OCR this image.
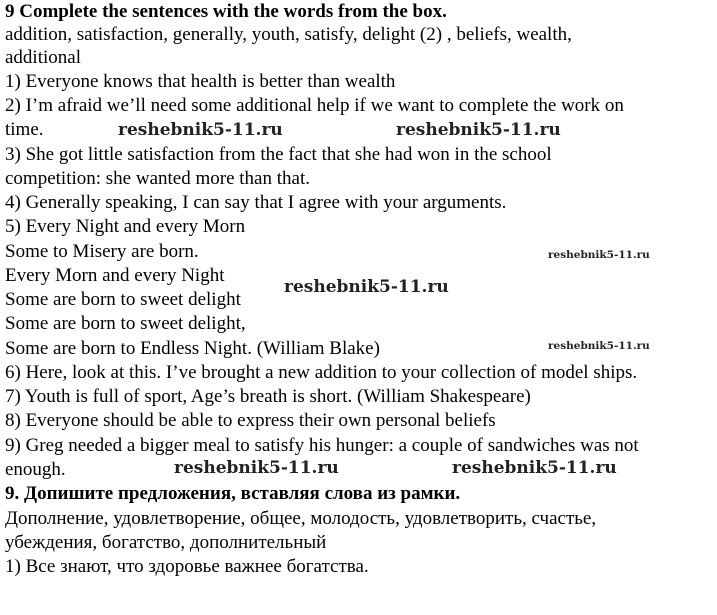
9 Complete the sentences with the words from the box.
addition, satisfaction, generally, youth, satisfy, delight (2) , beliefs, wealth,
additional
1) Everyone knows that health is better than wealth
2) I’m afraid we’ll need some additional help if we want to complete the work on
time.
3) She got little satisfaction from the fact that she had won in the school
competition: she wanted more than that.
4) Generally speaking, I can say that I agree with your arguments.
5) Every Night and every Morn
Some to Misery are born.
Every Morn and every Night
Some are born to sweet delight
Some are born to sweet delight,
Some are born to Endless Night. (William Blake)
6) Here, look at this. I’ve brought a new addition to your collection of model ships.
7) Youth is full of sport, Age’s breath is short. (William Shakespeare)
8) Everyone should be able to express their own personal beliefs
9) Greg needed a bigger meal to satisfy his hunger: a couple of sandwiches was not
enough.
9. Допишите предложения, вставляя слова из рамки.
Дополнение, удовлетворение, общее, молодость, удовлетворить, счастье,
убеждения, богатство, дополнительный
1) Все знают, что здоровье важнее богатства.
reshebnik5-11.ru	reshebnik5-11.ru
reshebnik5-11.ru
reshebnik5-11.ru
reshebnik5-11.ru
reshebnik5-11.ru	reshebnik5-11.ru
